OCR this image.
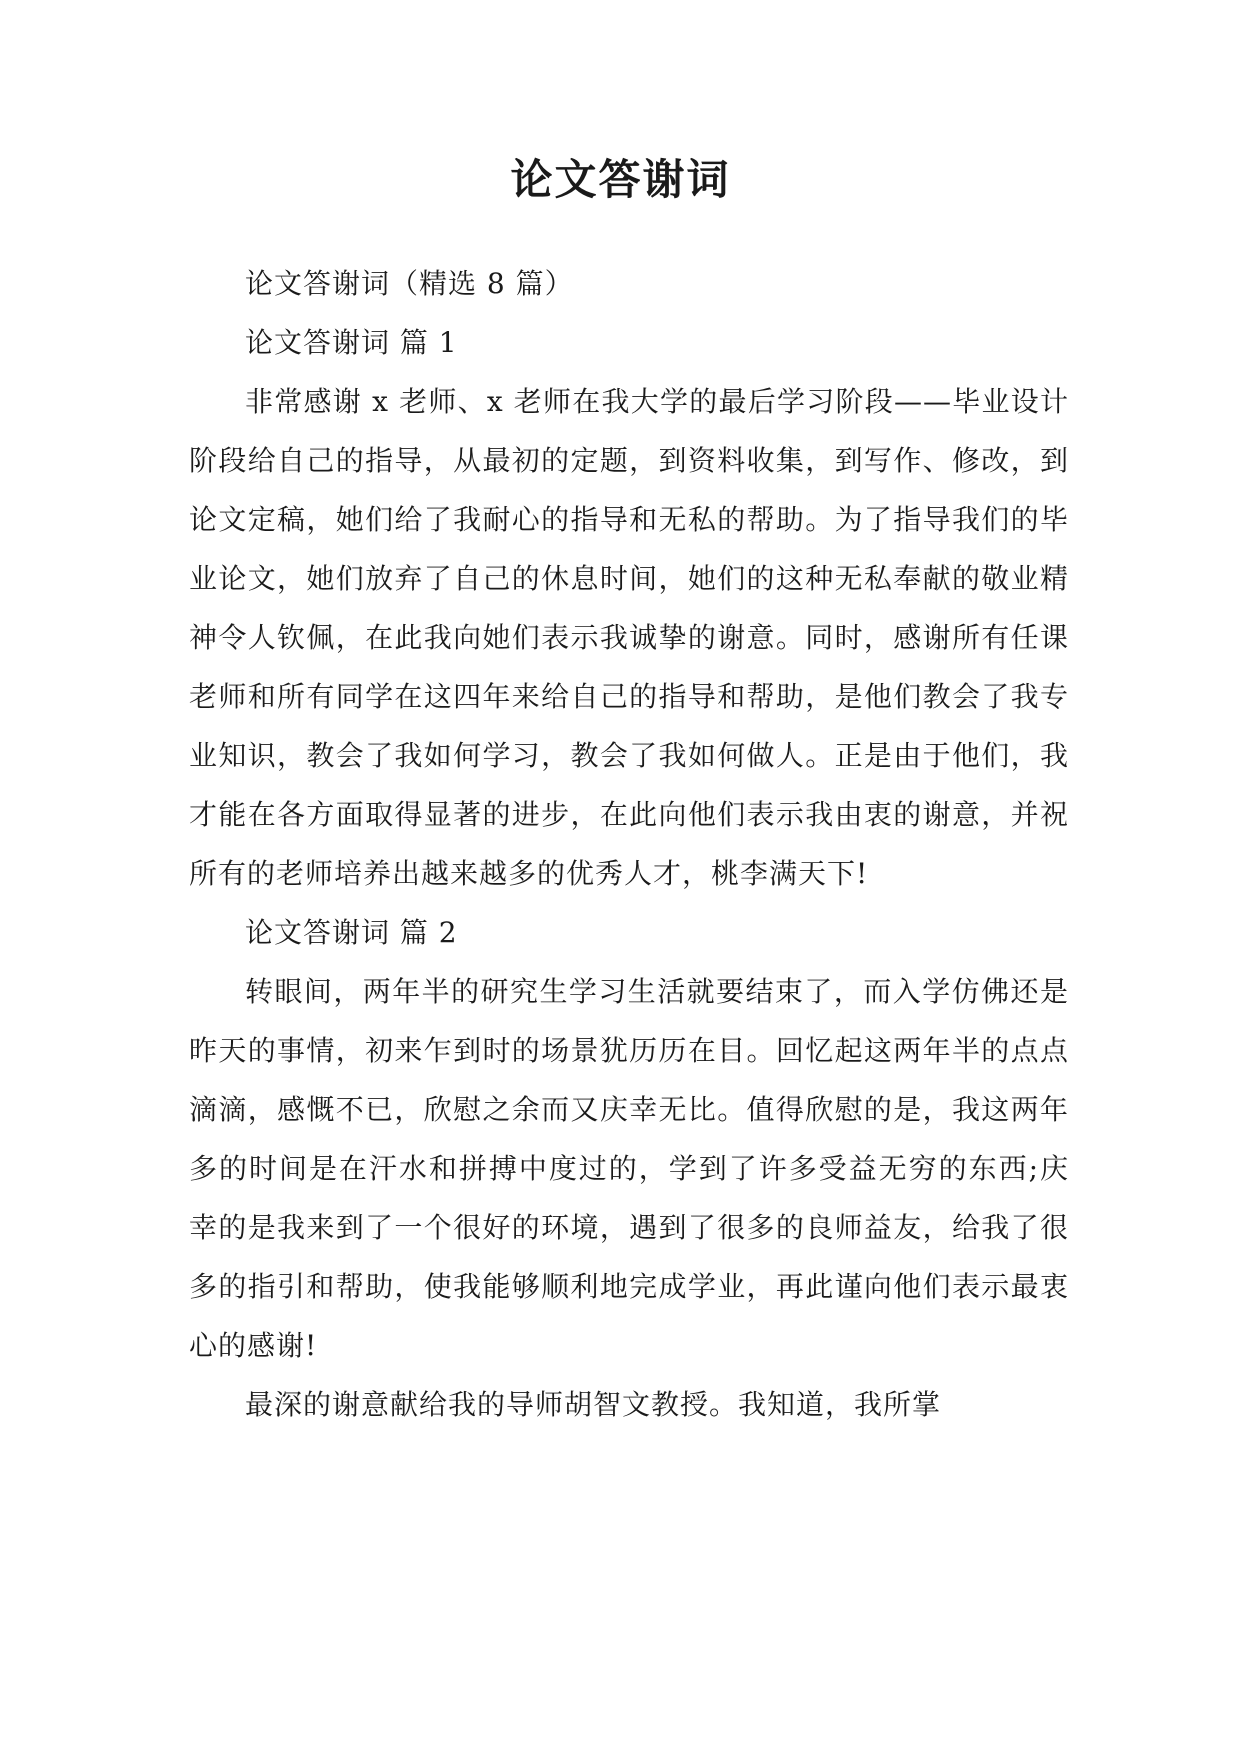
论文答谢词

论文答谢词（精选 8 篇）

论文答谢词 篇 1

非常感谢 x 老师、x 老师在我大学的最后学习阶段——毕业设计阶段给自己的指导，从最初的定题，到资料收集，到写作、修改，到论文定稿，她们给了我耐心的指导和无私的帮助。为了指导我们的毕业论文，她们放弃了自己的休息时间，她们的这种无私奉献的敬业精神令人钦佩，在此我向她们表示我诚挚的谢意。同时，感谢所有任课老师和所有同学在这四年来给自己的指导和帮助，是他们教会了我专业知识，教会了我如何学习，教会了我如何做人。正是由于他们，我才能在各方面取得显著的进步，在此向他们表示我由衷的谢意，并祝所有的老师培养出越来越多的优秀人才，桃李满天下!

论文答谢词 篇 2

转眼间，两年半的研究生学习生活就要结束了，而入学仿佛还是昨天的事情，初来乍到时的场景犹历历在目。回忆起这两年半的点点滴滴，感慨不已，欣慰之余而又庆幸无比。值得欣慰的是，我这两年多的时间是在汗水和拼搏中度过的，学到了许多受益无穷的东西;庆幸的是我来到了一个很好的环境，遇到了很多的良师益友，给我了很多的指引和帮助，使我能够顺利地完成学业，再此谨向他们表示最衷心的感谢!

最深的谢意献给我的导师胡智文教授。我知道，我所掌
